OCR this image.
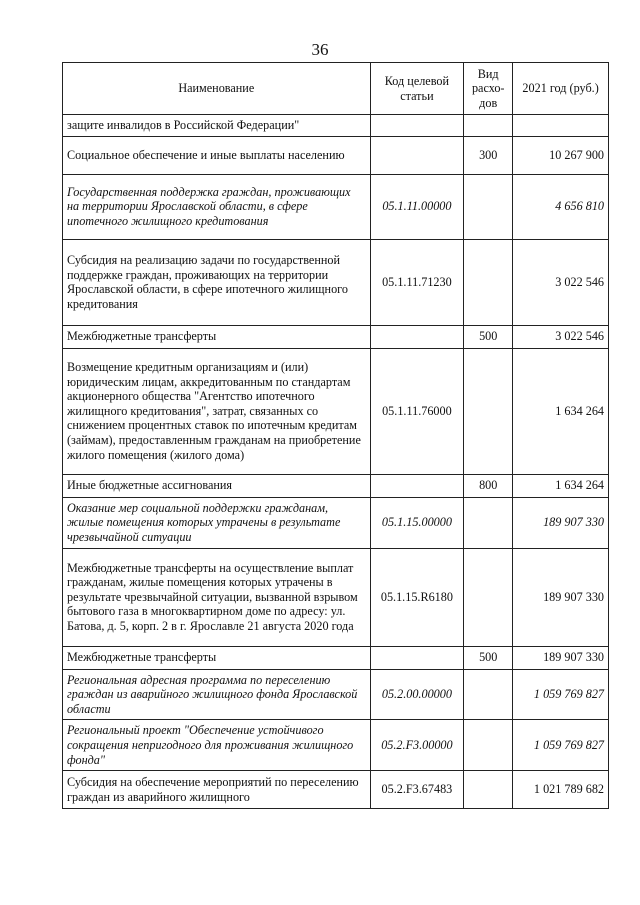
36
Наименование	Код целевой статьи	Вид расхо-дов	2021 год (руб.)
защите инвалидов в Российской Федерации"			
Социальное обеспечение и иные выплаты населению		300	10 267 900
Государственная поддержка граждан, проживающих на территории Ярославской области, в сфере ипотечного жилищного кредитования	05.1.11.00000		4 656 810
Субсидия на реализацию задачи по государственной поддержке граждан, проживающих на территории Ярославской области, в сфере ипотечного жилищного кредитования	05.1.11.71230		3 022 546
Межбюджетные трансферты		500	3 022 546
Возмещение кредитным организациям и (или) юридическим лицам, аккредитованным по стандартам акционерного общества "Агентство ипотечного жилищного кредитования", затрат, связанных со снижением процентных ставок по ипотечным кредитам (займам), предоставленным гражданам на приобретение жилого помещения (жилого дома)	05.1.11.76000		1 634 264
Иные бюджетные ассигнования		800	1 634 264
Оказание мер социальной поддержки гражданам, жилые помещения которых утрачены в результате чрезвычайной ситуации	05.1.15.00000		189 907 330
Межбюджетные трансферты на осуществление выплат гражданам, жилые помещения которых утрачены в результате чрезвычайной ситуации, вызванной взрывом бытового газа в многоквартирном доме по адресу: ул. Батова, д. 5, корп. 2 в г. Ярославле 21 августа 2020 года	05.1.15.R6180		189 907 330
Межбюджетные трансферты		500	189 907 330
Региональная адресная программа по переселению граждан из аварийного жилищного фонда Ярославской области	05.2.00.00000		1 059 769 827
Региональный проект "Обеспечение устойчивого сокращения непригодного для проживания жилищного фонда"	05.2.F3.00000		1 059 769 827
Субсидия на обеспечение мероприятий по переселению граждан из аварийного жилищного	05.2.F3.67483		1 021 789 682
